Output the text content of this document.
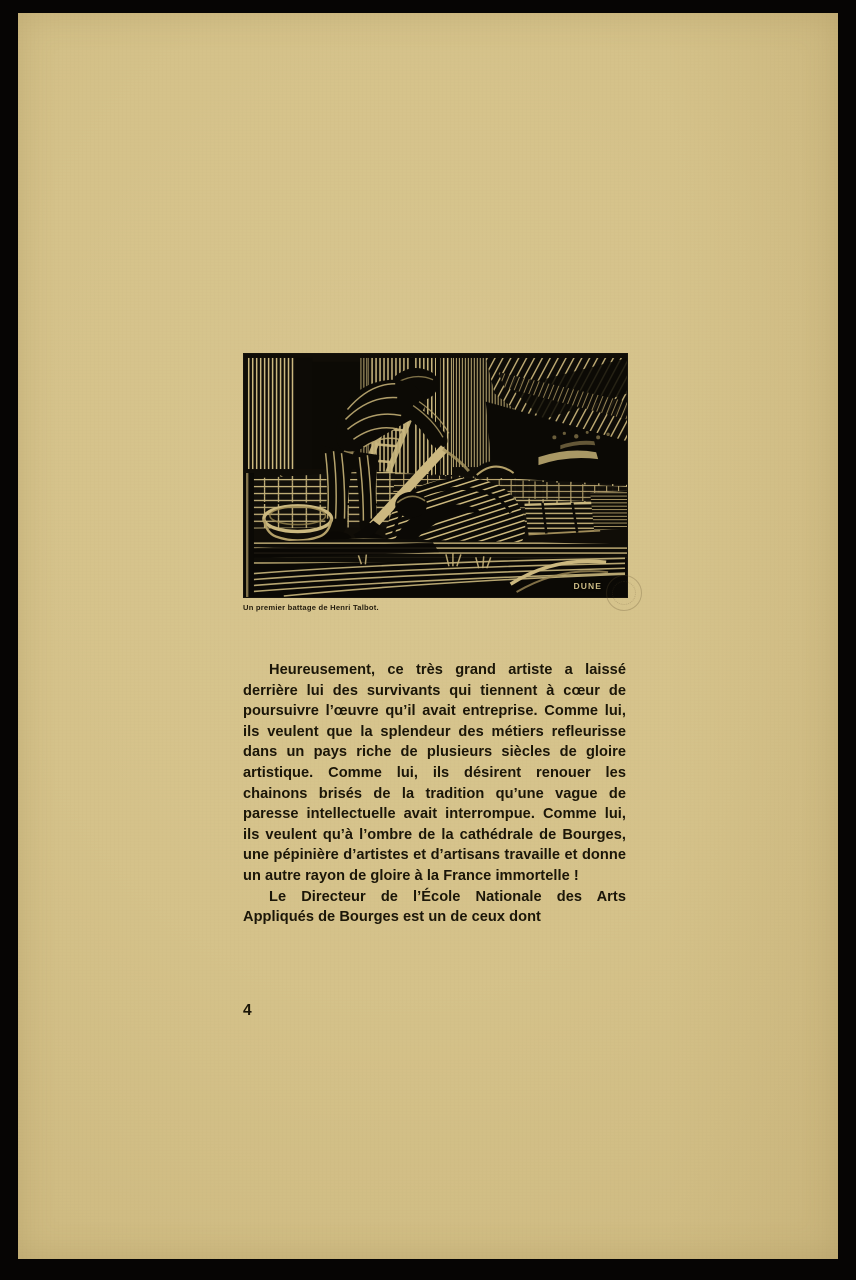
DUNE
Un premier battage de Henri Talbot.

Heureusement, ce très grand artiste a laissé derrière lui des survivants qui tiennent à cœur de poursuivre l’œuvre qu’il avait entreprise. Comme lui, ils veulent que la splendeur des métiers refleurisse dans un pays riche de plusieurs siècles de gloire artistique. Comme lui, ils désirent renouer les chainons brisés de la tradition qu’une vague de paresse intellectuelle avait interrompue. Comme lui, ils veulent qu’à l’ombre de la cathédrale de Bourges, une pépinière d’artistes et d’artisans travaille et donne un autre rayon de gloire à la France immortelle !

Le Directeur de l’École Nationale des Arts Appliqués de Bourges est un de ceux dont

4
